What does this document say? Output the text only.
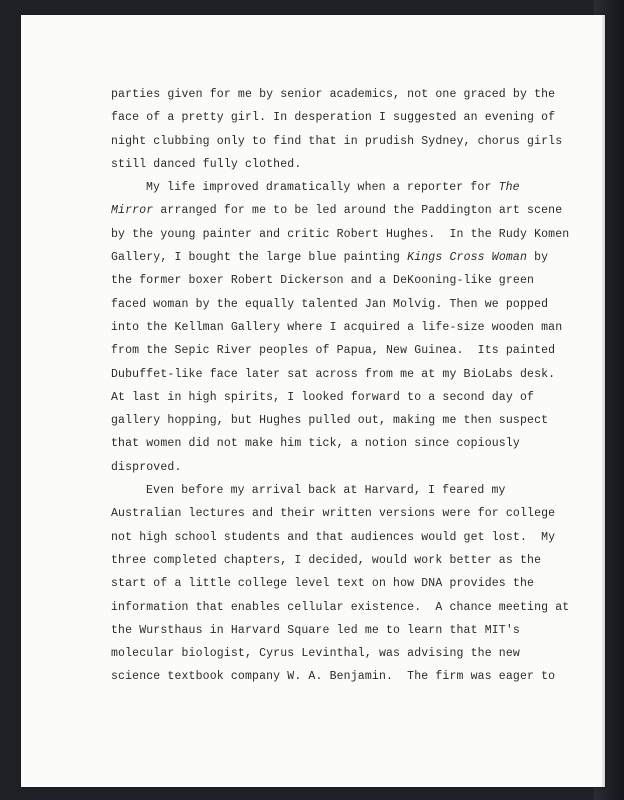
parties given for me by senior academics, not one graced by the
face of a pretty girl. In desperation I suggested an evening of
night clubbing only to find that in prudish Sydney, chorus girls
still danced fully clothed.
My life improved dramatically when a reporter for The
Mirror arranged for me to be led around the Paddington art scene
by the young painter and critic Robert Hughes.  In the Rudy Komen
Gallery, I bought the large blue painting Kings Cross Woman by
the former boxer Robert Dickerson and a DeKooning-like green
faced woman by the equally talented Jan Molvig. Then we popped
into the Kellman Gallery where I acquired a life-size wooden man
from the Sepic River peoples of Papua, New Guinea.  Its painted
Dubuffet-like face later sat across from me at my BioLabs desk.
At last in high spirits, I looked forward to a second day of
gallery hopping, but Hughes pulled out, making me then suspect
that women did not make him tick, a notion since copiously
disproved.
Even before my arrival back at Harvard, I feared my
Australian lectures and their written versions were for college
not high school students and that audiences would get lost.  My
three completed chapters, I decided, would work better as the
start of a little college level text on how DNA provides the
information that enables cellular existence.  A chance meeting at
the Wursthaus in Harvard Square led me to learn that MIT's
molecular biologist, Cyrus Levinthal, was advising the new
science textbook company W. A. Benjamin.  The firm was eager to
